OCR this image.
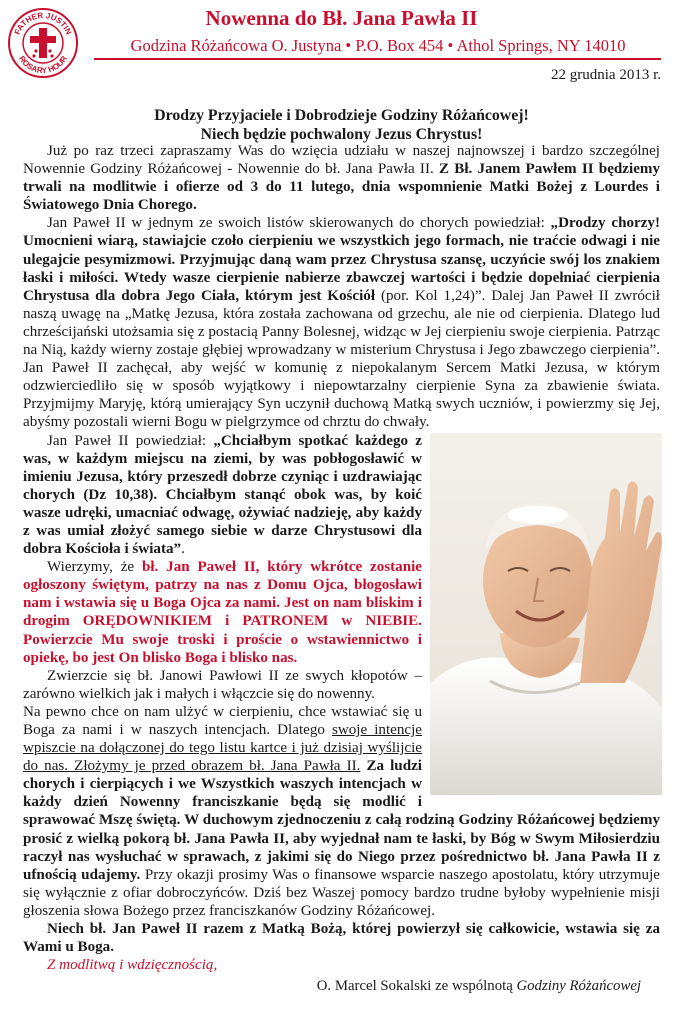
FATHER JUSTIN
ROSARY HOUR
Nowenna do Bł. Jana Pawła II
Godzina Różańcowa O. Justyna • P.O. Box 454 • Athol Springs, NY 14010
22 grudnia 2013 r.
Drodzy Przyjaciele i Dobrodzieje Godziny Różańcowej!
Niech będzie pochwalony Jezus Chrystus!

Już po raz trzeci zapraszamy Was do wzięcia udziału w naszej najnowszej i bardzo szczególnej Nowennie Godziny Różańcowej - Nowennie do bł. Jana Pawła II. Z Bł. Janem Pawłem II będziemy trwali na modlitwie i ofierze od 3 do 11 lutego, dnia wspomnienie Matki Bożej z Lourdes i Światowego Dnia Chorego.

Jan Paweł II w jednym ze swoich listów skierowanych do chorych powiedział: „Drodzy chorzy! Umocnieni wiarą, stawiajcie czoło cierpieniu we wszystkich jego formach, nie traćcie odwagi i nie ulegajcie pesymizmowi. Przyjmując daną wam przez Chrystusa szansę, uczyńcie swój los znakiem łaski i miłości. Wtedy wasze cierpienie nabierze zbawczej wartości i będzie dopełniać cierpienia Chrystusa dla dobra Jego Ciała, którym jest Kościół (por. Kol 1,24)”. Dalej Jan Paweł II zwrócił naszą uwagę na „Matkę Jezusa, która została zachowana od grzechu, ale nie od cierpienia. Dlatego lud chrześcijański utożsamia się z postacią Panny Bolesnej, widząc w Jej cierpieniu swoje cierpienia. Patrząc na Nią, każdy wierny zostaje głębiej wprowadzany w misterium Chrystusa i Jego zbawczego cierpienia”. Jan Paweł II zachęcał, aby wejść w komunię z niepokalanym Sercem Matki Jezusa, w którym odzwierciedliło się w sposób wyjątkowy i niepowtarzalny cierpienie Syna za zbawienie świata. Przyjmijmy Maryję, którą umierający Syn uczynił duchową Matką swych uczniów, i powierzmy się Jej, abyśmy pozostali wierni Bogu w pielgrzymce od chrztu do chwały.

Jan Paweł II powiedział: „Chciałbym spotkać każdego z was, w każdym miejscu na ziemi, by was pobłogosławić w imieniu Jezusa, który przeszedł dobrze czyniąc i uzdrawiając chorych (Dz 10,38). Chciałbym stanąć obok was, by koić wasze udręki, umacniać odwagę, ożywiać nadzieję, aby każdy z was umiał złożyć samego siebie w darze Chrystusowi dla dobra Kościoła i świata”.

Wierzymy, że bł. Jan Paweł II, który wkrótce zostanie ogłoszony świętym, patrzy na nas z Domu Ojca, błogosławi nam i wstawia się u Boga Ojca za nami. Jest on nam bliskim i drogim ORĘDOWNIKIEM i PATRONEM w NIEBIE. Powierzcie Mu swoje troski i proście o wstawiennictwo i opiekę, bo jest On blisko Boga i blisko nas.

Zwierzcie się bł. Janowi Pawłowi II ze swych kłopotów – zarówno wielkich jak i małych i włączcie się do nowenny.

Na pewno chce on nam ulżyć w cierpieniu, chce wstawiać się u Boga za nami i w naszych intencjach. Dlatego swoje intencje wpiszcie na dołączonej do tego listu kartce i już dzisiaj wyślijcie do nas. Złożymy je przed obrazem bł. Jana Pawła II. Za ludzi chorych i cierpiących i we Wszystkich waszych intencjach w każdy dzień Nowenny franciszkanie będą się modlić i sprawować Mszę świętą. W duchowym zjednoczeniu z całą rodziną Godziny Różańcowej będziemy prosić z wielką pokorą bł. Jana Pawła II, aby wyjednał nam te łaski, by Bóg w Swym Miłosierdziu raczył nas wysłuchać w sprawach, z jakimi się do Niego przez pośrednictwo bł. Jana Pawła II z ufnością udajemy. Przy okazji prosimy Was o finansowe wsparcie naszego apostolatu, który utrzymuje się wyłącznie z ofiar dobroczyńców. Dziś bez Waszej pomocy bardzo trudne byłoby wypełnienie misji głoszenia słowa Bożego przez franciszkanów Godziny Różańcowej.

Niech bł. Jan Paweł II razem z Matką Bożą, której powierzył się całkowicie, wstawia się za Wami u Boga.

Z modlitwą i wdzięcznością,

O. Marcel Sokalski ze wspólnotą Godziny Różańcowej
